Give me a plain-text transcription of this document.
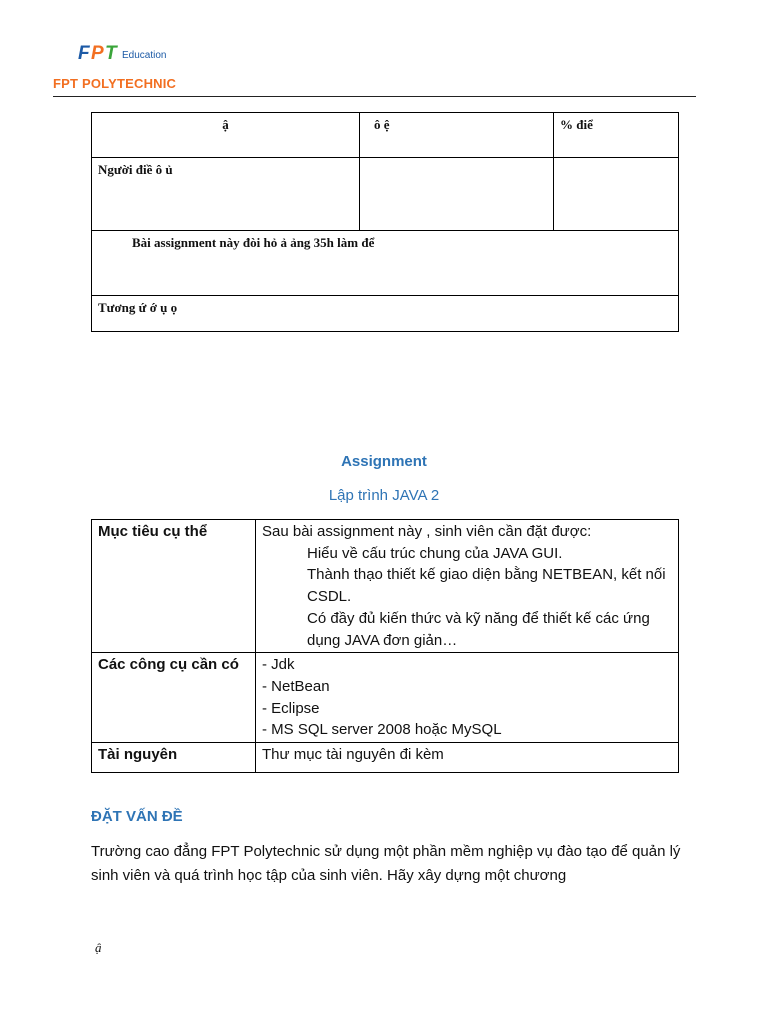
F P T Education
FPT POLYTECHNIC
ậ	ô ệ	% điể
Người điề ô ủ		
Bài assignment này đòi hỏ ả ảng 35h làm để		
Tương ứ ớ ụ ọ		
Assignment
Lập trình JAVA 2
Mục tiêu cụ thể	Sau bài assignment này , sinh viên cần đặt được:
Hiểu về cấu trúc chung của JAVA GUI.
Thành thạo thiết kế giao diện bằng NETBEAN, kết nối CSDL.
Có đầy đủ kiến thức và kỹ năng để thiết kế các ứng dụng JAVA đơn giản…

Các công cụ cần có	- Jdk
- NetBean
- Eclipse
- MS SQL server 2008 hoặc MySQL

Tài nguyên	Thư mục tài nguyên đi kèm
ĐẶT VẤN ĐỀ
Trường cao đẳng FPT Polytechnic sử dụng một phần mềm nghiệp vụ đào tạo để quản lý sinh viên và quá trình học tập của sinh viên. Hãy xây dựng một chương
ậ
